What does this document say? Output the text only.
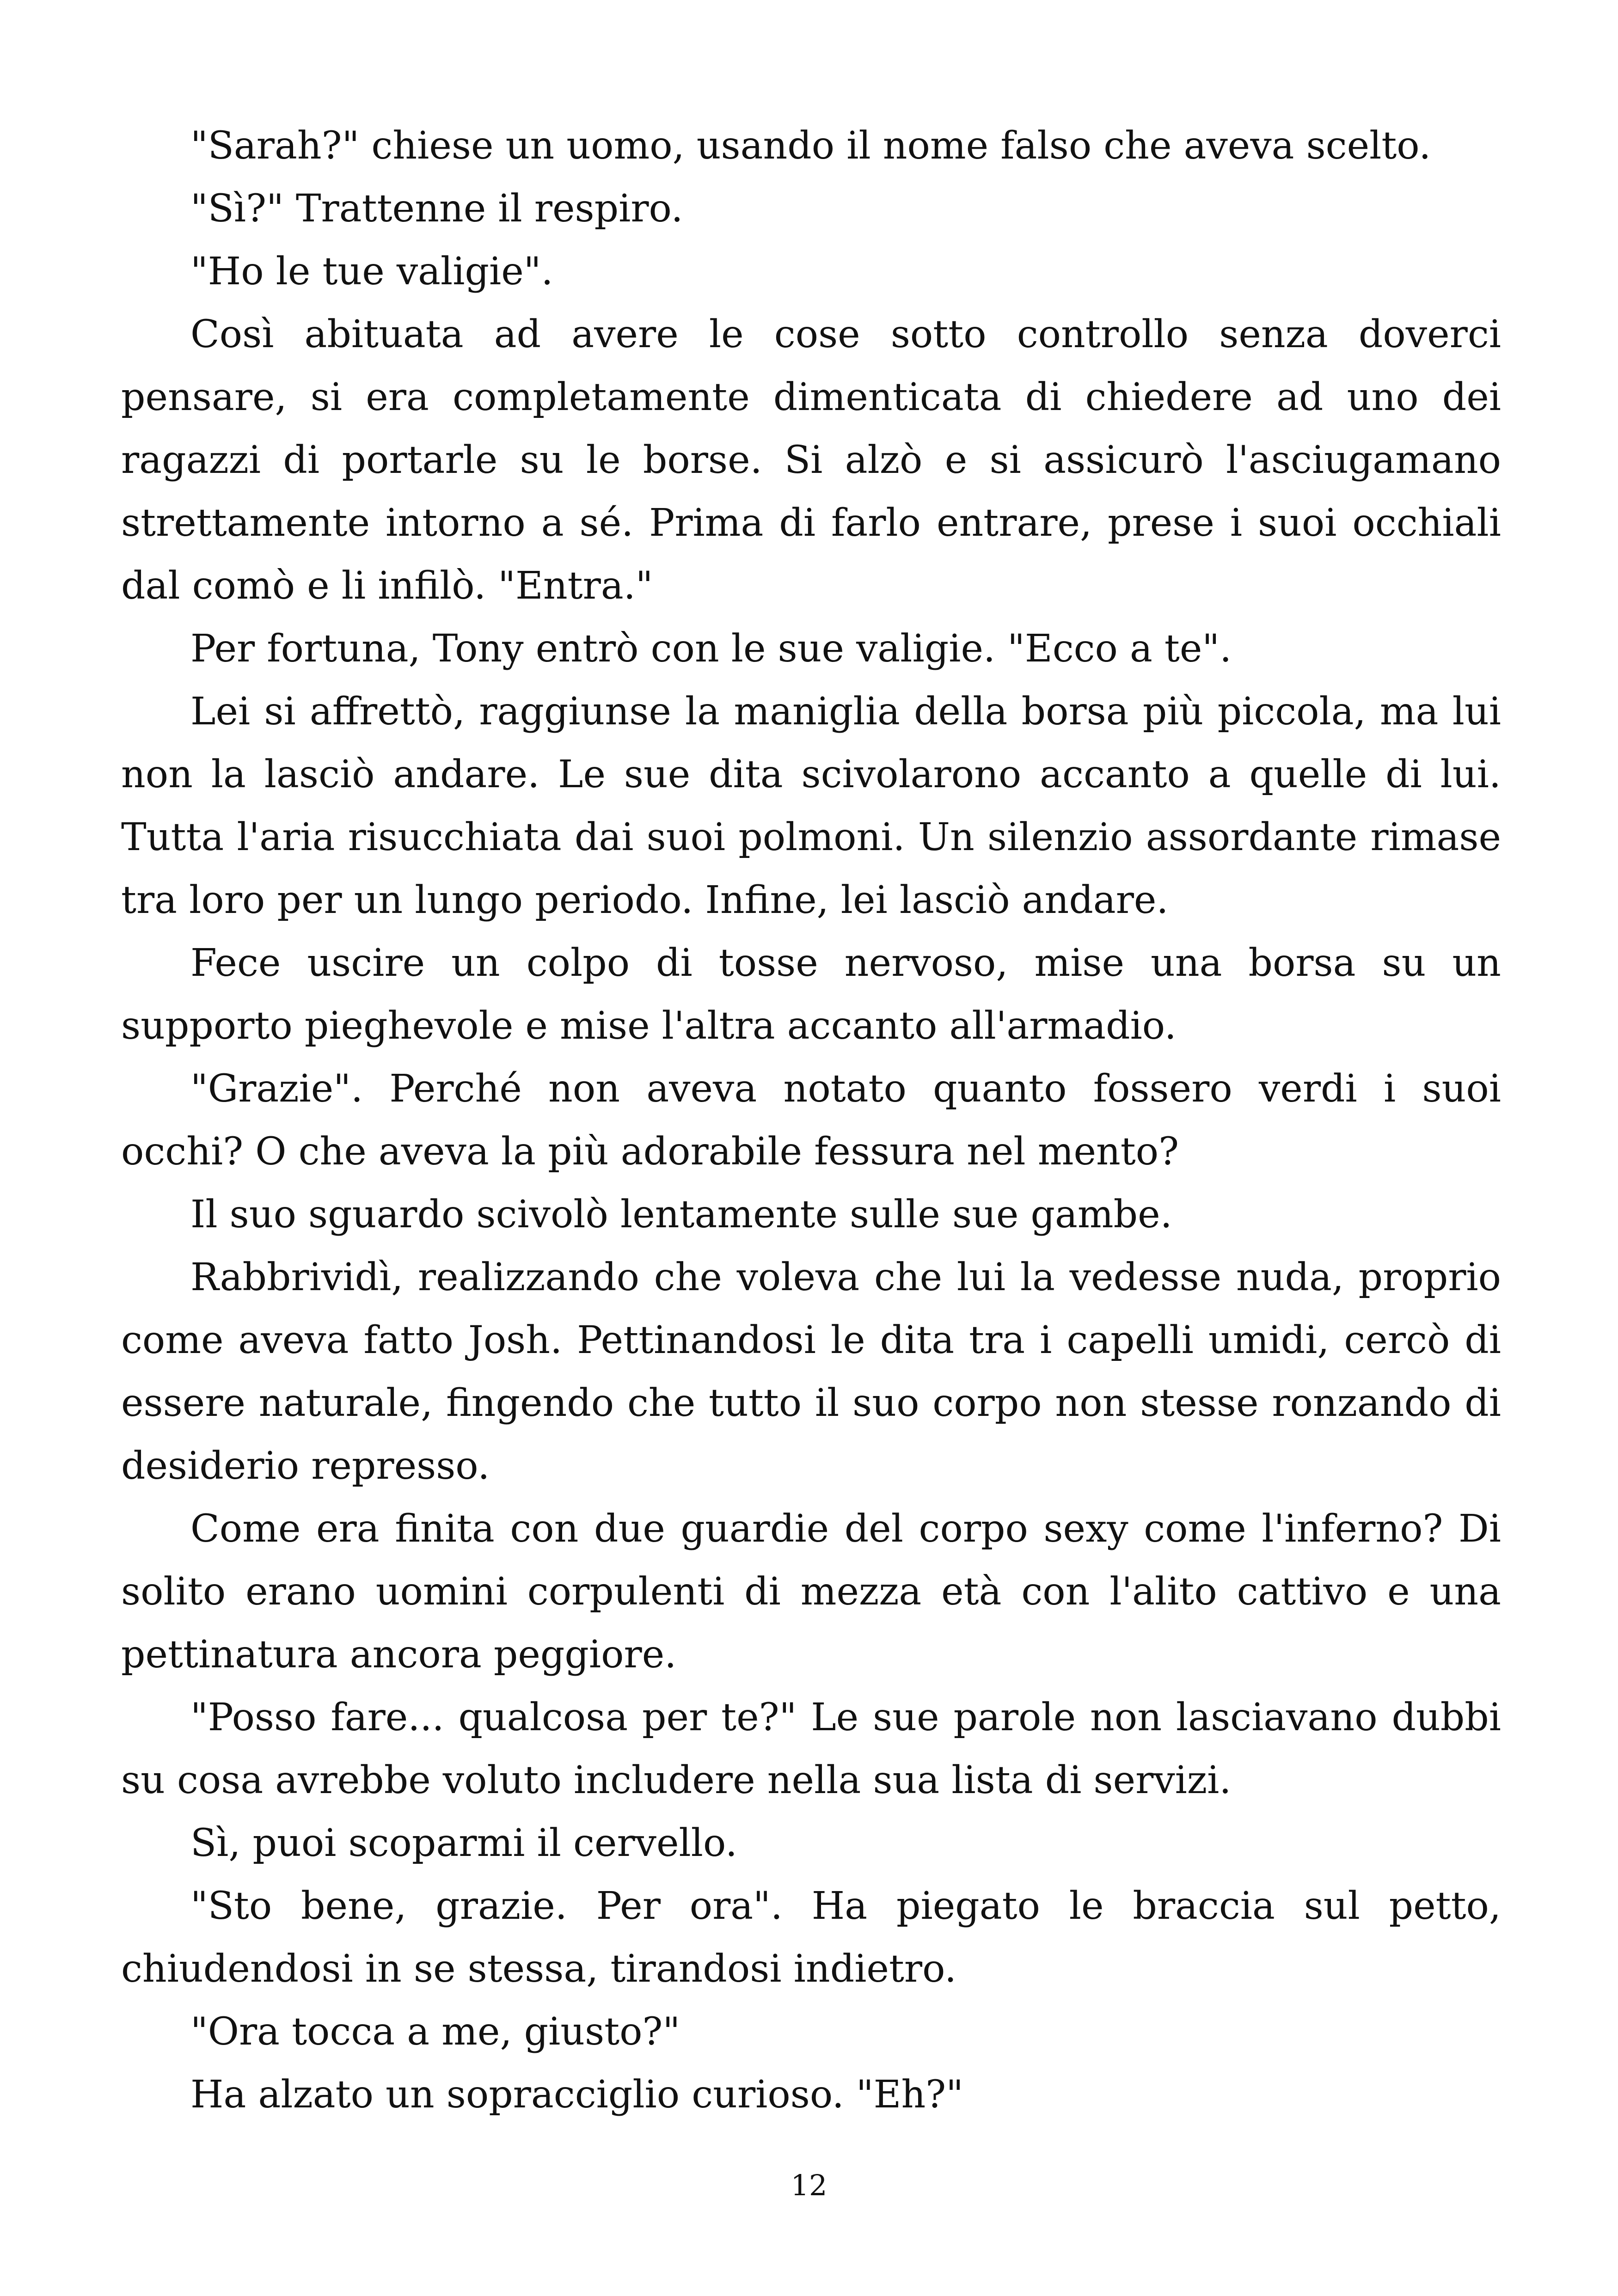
"Sarah?" chiese un uomo, usando il nome falso che aveva scelto.

"Sì?" Trattenne il respiro.

"Ho le tue valigie".

Così abituata ad avere le cose sotto controllo senza doverci pensare, si era completamente dimenticata di chiedere ad uno dei ragazzi di portarle su le borse. Si alzò e si assicurò l'asciugamano strettamente intorno a sé. Prima di farlo entrare, prese i suoi occhiali dal comò e li infilò. "Entra."

Per fortuna, Tony entrò con le sue valigie. "Ecco a te".

Lei si affrettò, raggiunse la maniglia della borsa più piccola, ma lui non la lasciò andare. Le sue dita scivolarono accanto a quelle di lui. Tutta l'aria risucchiata dai suoi polmoni. Un silenzio assordante rimase tra loro per un lungo periodo. Infine, lei lasciò andare.

Fece uscire un colpo di tosse nervoso, mise una borsa su un supporto pieghevole e mise l'altra accanto all'armadio.

"Grazie". Perché non aveva notato quanto fossero verdi i suoi occhi? O che aveva la più adorabile fessura nel mento?

Il suo sguardo scivolò lentamente sulle sue gambe.

Rabbrividì, realizzando che voleva che lui la vedesse nuda, proprio come aveva fatto Josh. Pettinandosi le dita tra i capelli umidi, cercò di essere naturale, fingendo che tutto il suo corpo non stesse ronzando di desiderio represso.

Come era finita con due guardie del corpo sexy come l'inferno? Di solito erano uomini corpulenti di mezza età con l'alito cattivo e una pettinatura ancora peggiore.

"Posso fare... qualcosa per te?" Le sue parole non lasciavano dubbi su cosa avrebbe voluto includere nella sua lista di servizi.

Sì, puoi scoparmi il cervello.

"Sto bene, grazie. Per ora". Ha piegato le braccia sul petto, chiudendosi in se stessa, tirandosi indietro.

"Ora tocca a me, giusto?"

Ha alzato un sopracciglio curioso. "Eh?"

12
